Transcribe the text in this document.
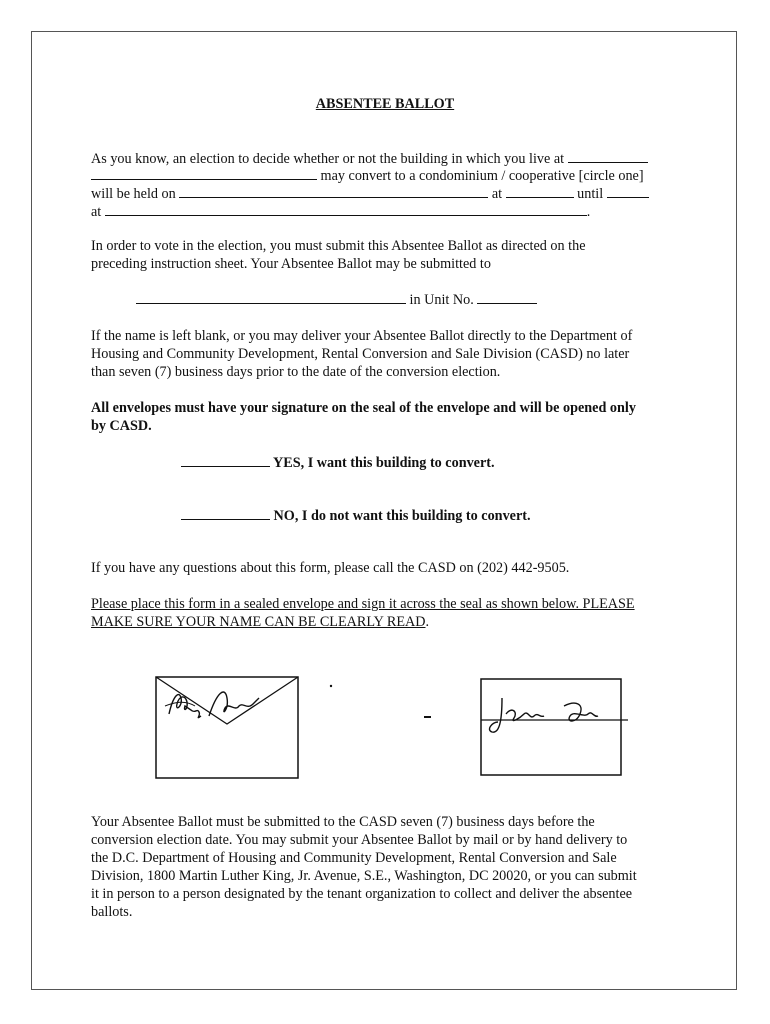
ABSENTEE BALLOT
As you know, an election to decide whether or not the building in which you live at
may convert to a condominium / cooperative [circle one]
will be held on	at	until
at	.
In order to vote in the election, you must submit this Absentee Ballot as directed on the
preceding instruction sheet. Your Absentee Ballot may be submitted to
in Unit No.
If the name is left blank, or you may deliver your Absentee Ballot directly to the Department of
Housing and Community Development, Rental Conversion and Sale Division (CASD) no later
than seven (7) business days prior to the date of the conversion election.
All envelopes must have your signature on the seal of the envelope and will be opened only
by CASD.
YES, I want this building to convert.
NO, I do not want this building to convert.
If you have any questions about this form, please call the CASD on (202) 442-9505.
Please place this form in a sealed envelope and sign it across the seal as shown below. PLEASE
MAKE SURE YOUR NAME CAN BE CLEARLY READ.
Your Absentee Ballot must be submitted to the CASD seven (7) business days before the
conversion election date. You may submit your Absentee Ballot by mail or by hand delivery to
the D.C. Department of Housing and Community Development, Rental Conversion and Sale
Division, 1800 Martin Luther King, Jr. Avenue, S.E., Washington, DC 20020, or you can submit
it in person to a person designated by the tenant organization to collect and deliver the absentee
ballots.
